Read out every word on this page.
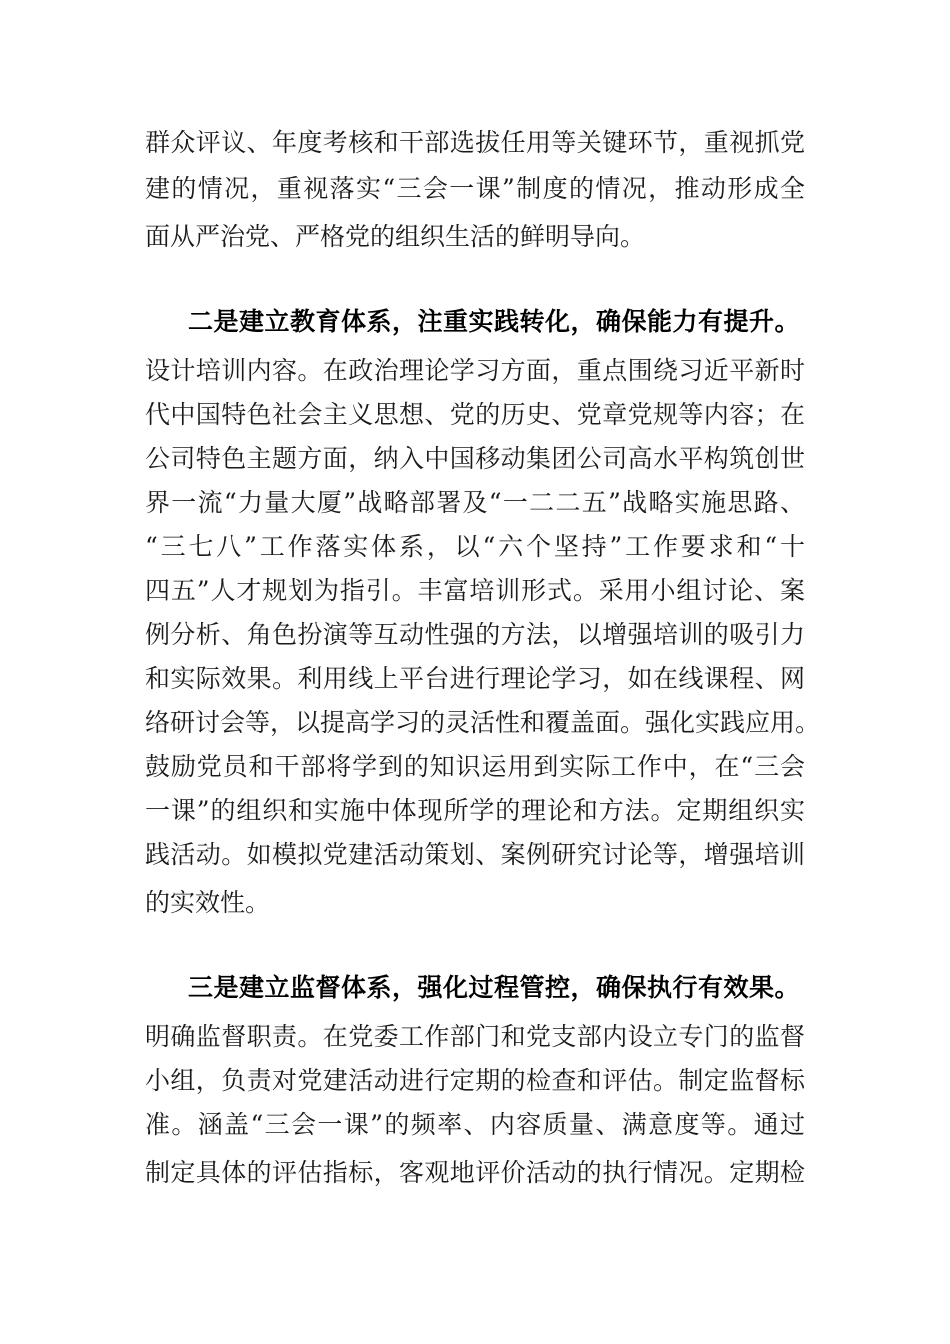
群众评议、年度考核和干部选拔任用等关键环节，重视抓党
建的情况，重视落实“三会一课”制度的情况，推动形成全
面从严治党、严格党的组织生活的鲜明导向。
二是建立教育体系，注重实践转化，确保能力有提升。
设计培训内容。在政治理论学习方面，重点围绕习近平新时
代中国特色社会主义思想、党的历史、党章党规等内容；在
公司特色主题方面，纳入中国移动集团公司高水平构筑创世
界一流“力量大厦”战略部署及“一二二五”战略实施思路、
“三七八”工作落实体系，以“六个坚持”工作要求和“十
四五”人才规划为指引。丰富培训形式。采用小组讨论、案
例分析、角色扮演等互动性强的方法，以增强培训的吸引力
和实际效果。利用线上平台进行理论学习，如在线课程、网
络研讨会等，以提高学习的灵活性和覆盖面。强化实践应用。
鼓励党员和干部将学到的知识运用到实际工作中，在“三会
一课”的组织和实施中体现所学的理论和方法。定期组织实
践活动。如模拟党建活动策划、案例研究讨论等，增强培训
的实效性。
三是建立监督体系，强化过程管控，确保执行有效果。
明确监督职责。在党委工作部门和党支部内设立专门的监督
小组，负责对党建活动进行定期的检查和评估。制定监督标
准。涵盖“三会一课”的频率、内容质量、满意度等。通过
制定具体的评估指标，客观地评价活动的执行情况。定期检
